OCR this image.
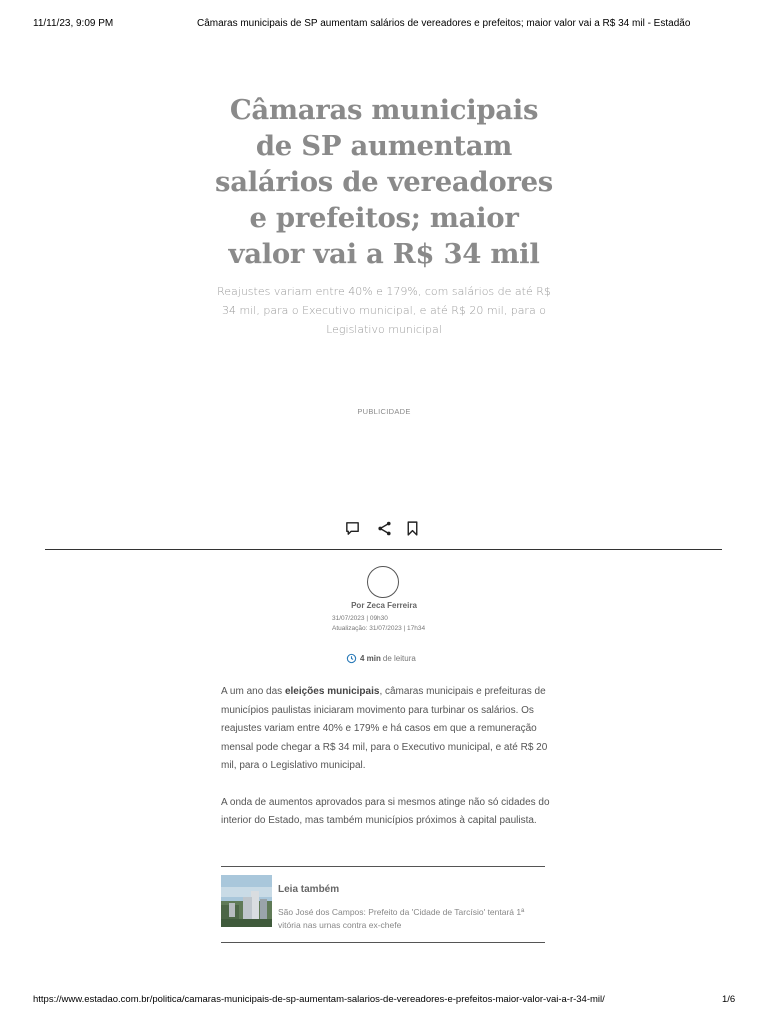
11/11/23, 9:09 PM	Câmaras municipais de SP aumentam salários de vereadores e prefeitos; maior valor vai a R$ 34 mil - Estadão
Câmaras municipais de SP aumentam salários de vereadores e prefeitos; maior valor vai a R$ 34 mil

Reajustes variam entre 40% e 179%, com salários de até R$ 34 mil, para o Executivo municipal, e até R$ 20 mil, para o Legislativo municipal

PUBLICIDADE
Por Zeca Ferreira
31/07/2023 | 09h30
Atualização: 31/07/2023 | 17h34
4 min de leitura

A um ano das eleições municipais, câmaras municipais e prefeituras de municípios paulistas iniciaram movimento para turbinar os salários. Os reajustes variam entre 40% e 179% e há casos em que a remuneração mensal pode chegar a R$ 34 mil, para o Executivo municipal, e até R$ 20 mil, para o Legislativo municipal.

A onda de aumentos aprovados para si mesmos atinge não só cidades do interior do Estado, mas também municípios próximos à capital paulista.

Leia também
São José dos Campos: Prefeito da 'Cidade de Tarcísio' tentará 1ª vitória nas urnas contra ex-chefe
https://www.estadao.com.br/politica/camaras-municipais-de-sp-aumentam-salarios-de-vereadores-e-prefeitos-maior-valor-vai-a-r-34-mil/	1/6
